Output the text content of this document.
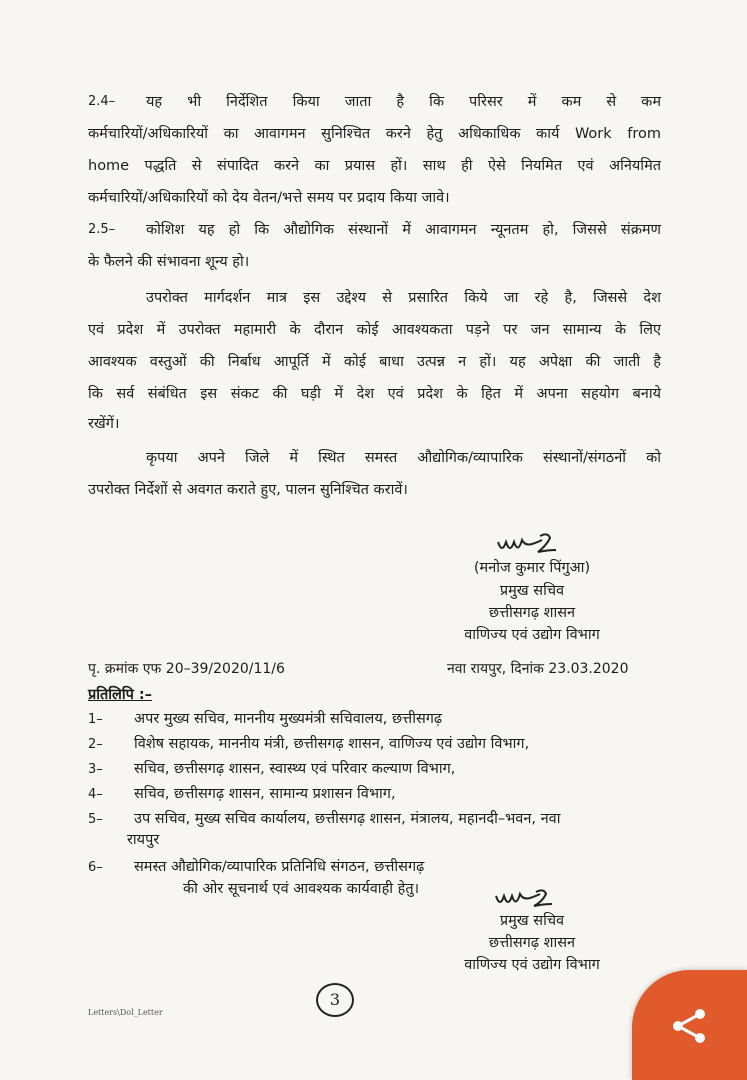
2.4– यह भी निर्देशित किया जाता है कि परिसर में कम से कम
कर्मचारियों/अधिकारियों का आवागमन सुनिश्चित करने हेतु अधिकाधिक कार्य Work from
home पद्धति से संपादित करने का प्रयास हों। साथ ही ऐसे नियमित एवं अनियमित
कर्मचारियों/अधिकारियों को देय वेतन/भत्ते समय पर प्रदाय किया जावे।
2.5– कोशिश यह हो कि औद्योगिक संस्थानों में आवागमन न्यूनतम हो, जिससे संक्रमण
के फैलने की संभावना शून्य हो।
उपरोक्त मार्गदर्शन मात्र इस उद्देश्य से प्रसारित किये जा रहे है, जिससे देश
एवं प्रदेश में उपरोक्त महामारी के दौरान कोई आवश्यकता पड़ने पर जन सामान्य के लिए
आवश्यक वस्तुओं की निर्बाध आपूर्ति में कोई बाधा उत्पन्न न हों। यह अपेक्षा की जाती है
कि सर्व संबंधित इस संकट की घड़ी में देश एवं प्रदेश के हित में अपना सहयोग बनाये
रखेंगें।
कृपया अपने जिले में स्थित समस्त औद्योगिक/व्यापारिक संस्थानों/संगठनों को
उपरोक्त निर्देशों से अवगत कराते हुए, पालन सुनिश्चित करावें।
(मनोज कुमार पिंगुआ)
प्रमुख सचिव
छत्तीसगढ़ शासन
वाणिज्य एवं उद्योग विभाग
पृ. क्रमांक एफ 20–39/2020/11/6	नवा रायपुर, दिनांक 23.03.2020
प्रतिलिपि :–
1– अपर मुख्य सचिव, माननीय मुख्यमंत्री सचिवालय, छत्तीसगढ़
2– विशेष सहायक, माननीय मंत्री, छत्तीसगढ़ शासन, वाणिज्य एवं उद्योग विभाग,
3– सचिव, छत्तीसगढ़ शासन, स्वास्थ्य एवं परिवार कल्याण विभाग,
4– सचिव, छत्तीसगढ़ शासन, सामान्य प्रशासन विभाग,
5– उप सचिव, मुख्य सचिव कार्यालय, छत्तीसगढ़ शासन, मंत्रालय, महानदी–भवन, नवा
रायपुर
6– समस्त औद्योगिक/व्यापारिक प्रतिनिधि संगठन, छत्तीसगढ़
की ओर सूचनार्थ एवं आवश्यक कार्यवाही हेतु।
प्रमुख सचिव
छत्तीसगढ़ शासन
वाणिज्य एवं उद्योग विभाग
Letters\Dol_Letter
3
